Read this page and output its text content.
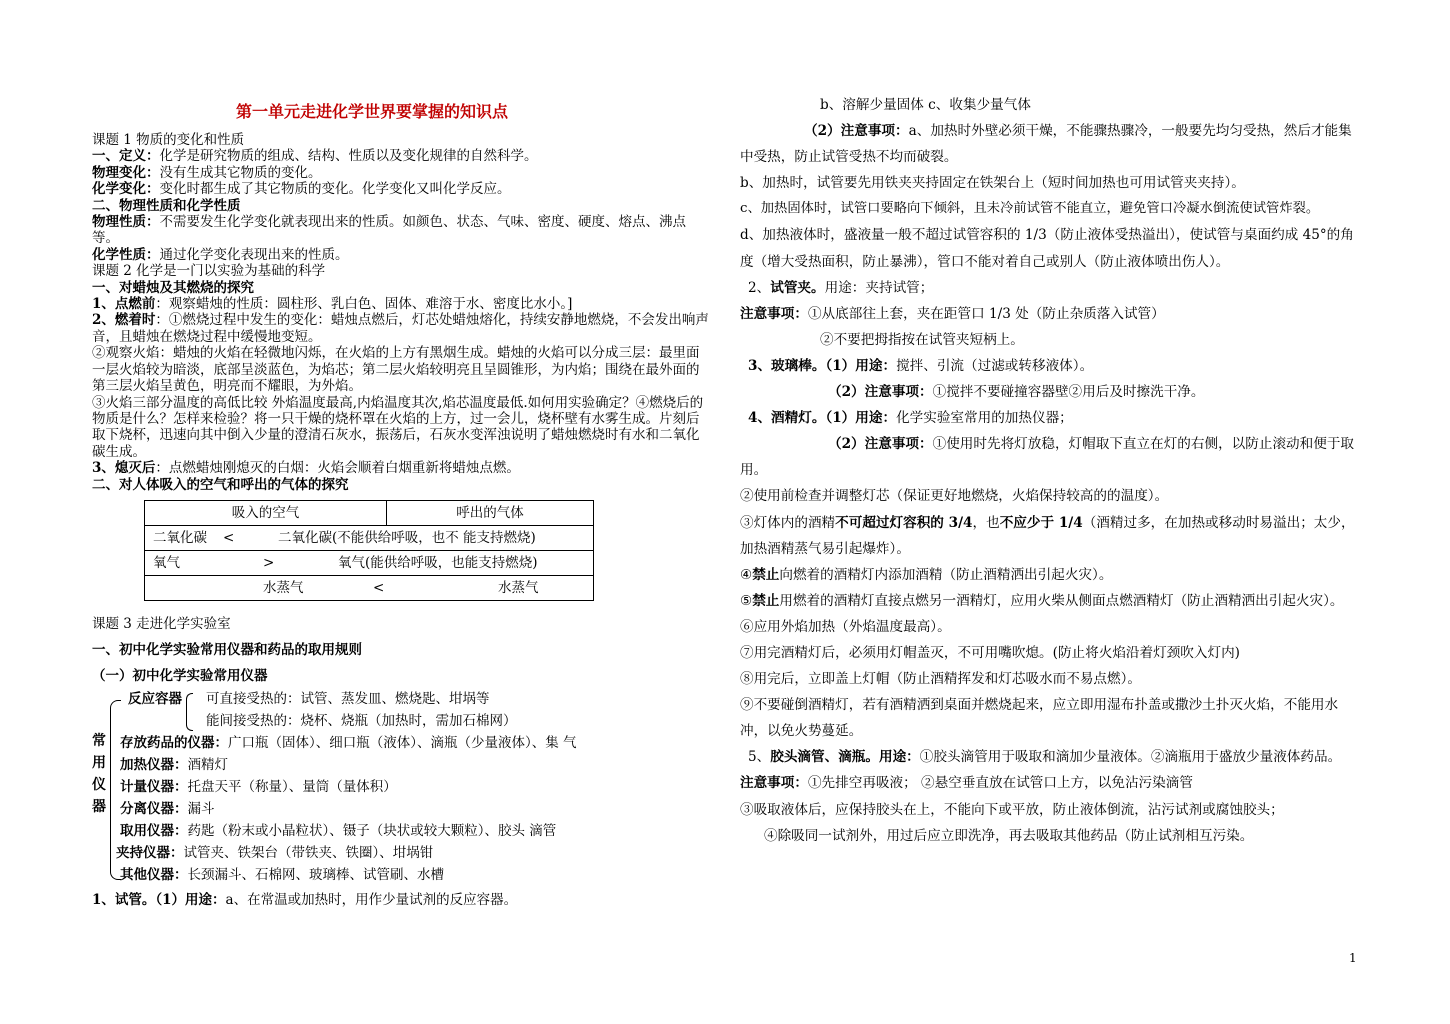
第一单元走进化学世界要掌握的知识点

课题 1 物质的变化和性质

一、定义：化学是研究物质的组成、结构、性质以及变化规律的自然科学。

物理变化：没有生成其它物质的变化。

化学变化：变化时都生成了其它物质的变化。化学变化又叫化学反应。

二、物理性质和化学性质

物理性质：不需要发生化学变化就表现出来的性质。如颜色、状态、气味、密度、硬度、熔点、沸点等。

化学性质：通过化学变化表现出来的性质。

课题 2 化学是一门以实验为基础的科学

一、对蜡烛及其燃烧的探究

1、点燃前：观察蜡烛的性质：圆柱形、乳白色、固体、难溶于水、密度比水小。]

2、燃着时：①燃烧过程中发生的变化：蜡烛点燃后，灯芯处蜡烛熔化，持续安静地燃烧，不会发出响声音，且蜡烛在燃烧过程中缓慢地变短。

②观察火焰：蜡烛的火焰在轻微地闪烁，在火焰的上方有黑烟生成。蜡烛的火焰可以分成三层：最里面一层火焰较为暗淡，底部呈淡蓝色，为焰芯；第二层火焰较明亮且呈圆锥形，为内焰；围绕在最外面的第三层火焰呈黄色，明亮而不耀眼，为外焰。

③火焰三部分温度的高低比较 外焰温度最高,内焰温度其次,焰芯温度最低.如何用实验确定？④燃烧后的物质是什么？怎样来检验？将一只干燥的烧杯罩在火焰的上方，过一会儿，烧杯壁有水雾生成。片刻后取下烧杯，迅速向其中倒入少量的澄清石灰水，振荡后，石灰水变浑浊说明了蜡烛燃烧时有水和二氧化碳生成。

3、熄灭后：点燃蜡烛刚熄灭的白烟：火焰会顺着白烟重新将蜡烛点燃。

二、对人体吸入的空气和呼出的气体的探究

吸入的空气	呼出的气体
二氧化碳 <	二氧化碳(不能供给呼吸，也不 能支持燃烧)
氧气	>	氧气(能供给呼吸，也能支持燃烧)
水蒸气	<	水蒸气
课题 3 走进化学实验室
一、初中化学实验常用仪器和药品的取用规则
（一）初中化学实验常用仪器
常
用
仪
器
反应容器 可直接受热的：试管、蒸发皿、燃烧匙、坩埚等
能间接受热的：烧杯、烧瓶（加热时，需加石棉网）
存放药品的仪器：广口瓶（固体）、细口瓶（液体）、滴瓶（少量液体）、集 气
加热仪器：酒精灯
计量仪器：托盘天平（称量）、量筒（量体积）
分离仪器：漏斗
取用仪器：药匙（粉末或小晶粒状）、镊子（块状或较大颗粒）、胶头 滴管
夹持仪器：试管夹、铁架台（带铁夹、铁圈）、坩埚钳
其他仪器：长颈漏斗、石棉网、玻璃棒、试管刷、水槽
1、试管。（1）用途：a、在常温或加热时，用作少量试剂的反应容器。

b、溶解少量固体 c、收集少量气体

（2）注意事项：a、加热时外壁必须干燥，不能骤热骤冷，一般要先均匀受热，然后才能集中受热，防止试管受热不均而破裂。

b、加热时，试管要先用铁夹夹持固定在铁架台上（短时间加热也可用试管夹夹持）。

c、加热固体时，试管口要略向下倾斜，且未冷前试管不能直立，避免管口冷凝水倒流使试管炸裂。

d、加热液体时，盛液量一般不超过试管容积的 1/3（防止液体受热溢出），使试管与桌面约成 45°的角度（增大受热面积，防止暴沸），管口不能对着自己或别人（防止液体喷出伤人）。

2、试管夹。用途：夹持试管；

注意事项：①从底部往上套，夹在距管口 1/3 处（防止杂质落入试管）

②不要把拇指按在试管夹短柄上。

3、玻璃棒。（1）用途：搅拌、引流（过滤或转移液体）。

（2）注意事项：①搅拌不要碰撞容器壁②用后及时擦洗干净。

4、酒精灯。（1）用途：化学实验室常用的加热仪器；

（2）注意事项：①使用时先将灯放稳，灯帽取下直立在灯的右侧，以防止滚动和便于取用。

②使用前检查并调整灯芯（保证更好地燃烧，火焰保持较高的的温度）。

③灯体内的酒精不可超过灯容积的 3/4，也不应少于 1/4（酒精过多，在加热或移动时易溢出；太少，加热酒精蒸气易引起爆炸）。

④禁止向燃着的酒精灯内添加酒精（防止酒精洒出引起火灾）。

⑤禁止用燃着的酒精灯直接点燃另一酒精灯，应用火柴从侧面点燃酒精灯（防止酒精洒出引起火灾）。

⑥应用外焰加热（外焰温度最高）。

⑦用完酒精灯后，必须用灯帽盖灭，不可用嘴吹熄。(防止将火焰沿着灯颈吹入灯内)

⑧用完后，立即盖上灯帽（防止酒精挥发和灯芯吸水而不易点燃）。

⑨不要碰倒酒精灯，若有酒精洒到桌面并燃烧起来，应立即用湿布扑盖或撒沙土扑灭火焰，不能用水冲，以免火势蔓延。

5、胶头滴管、滴瓶。用途：①胶头滴管用于吸取和滴加少量液体。②滴瓶用于盛放少量液体药品。

注意事项：①先排空再吸液； ②悬空垂直放在试管口上方，以免沾污染滴管

③吸取液体后，应保持胶头在上，不能向下或平放，防止液体倒流，沾污试剂或腐蚀胶头；

④除吸同一试剂外，用过后应立即洗净，再去吸取其他药品（防止试剂相互污染。

1
